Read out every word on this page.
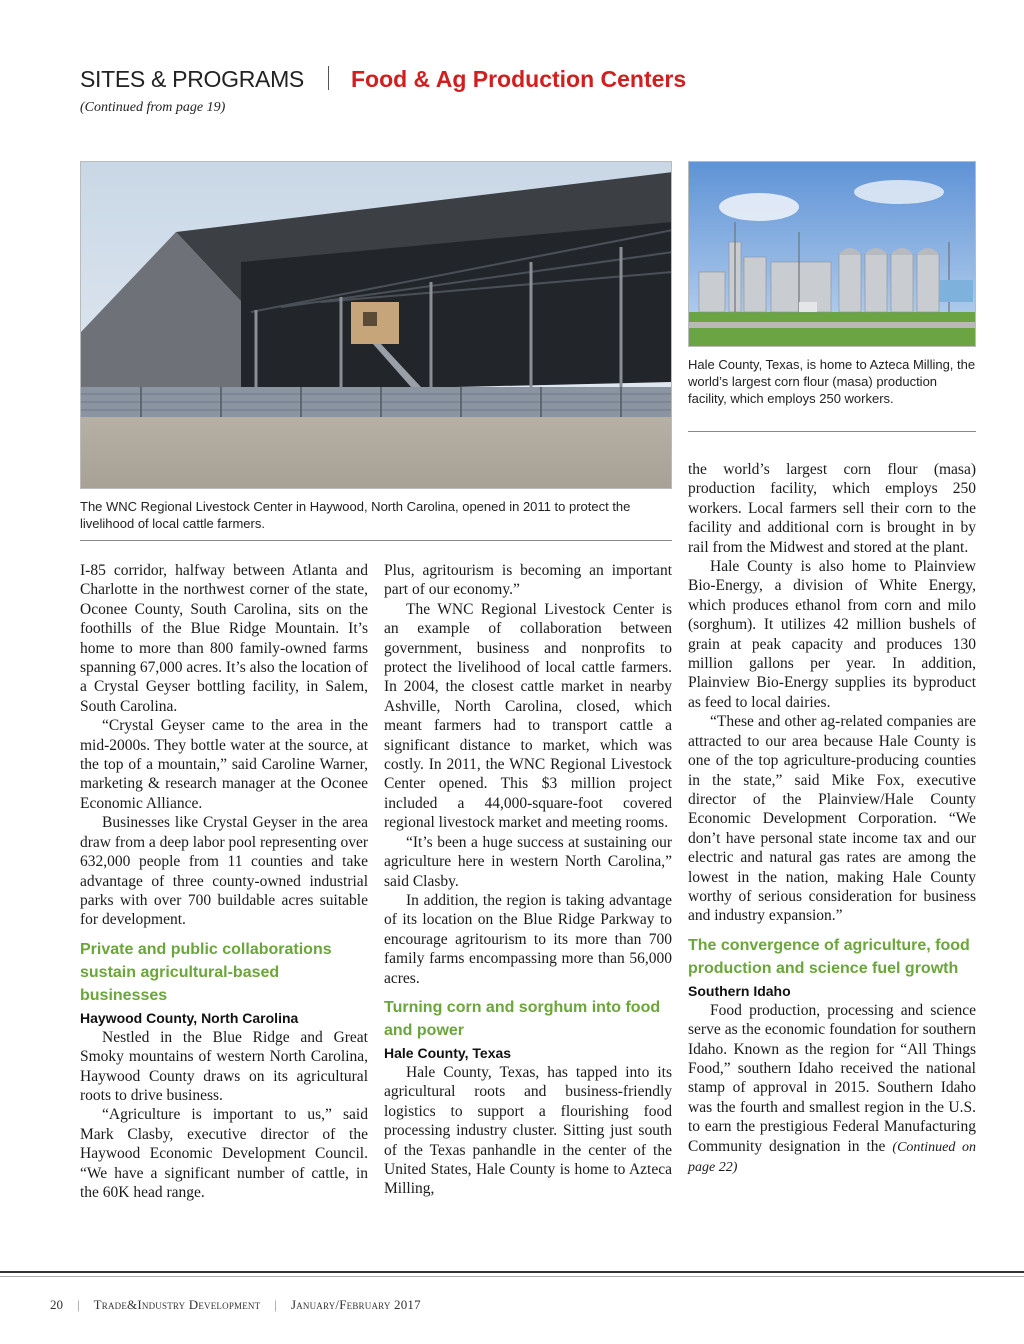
SITES & PROGRAMS Food & Ag Production Centers
(Continued from page 19)
The WNC Regional Livestock Center in Haywood, North Carolina, opened in 2011 to protect the livelihood of local cattle farmers.
Hale County, Texas, is home to Azteca Milling, the world’s largest corn flour (masa) production facility, which employs 250 workers.

I-85 corridor, halfway between Atlanta and Charlotte in the northwest corner of the state, Oconee County, South Carolina, sits on the foothills of the Blue Ridge Mountain. It’s home to more than 800 family-owned farms spanning 67,000 acres. It’s also the location of a Crystal Geyser bottling facility, in Salem, South Carolina.

“Crystal Geyser came to the area in the mid-2000s. They bottle water at the source, at the top of a mountain,” said Caroline Warner, marketing & research manager at the Oconee Economic Alliance.

Businesses like Crystal Geyser in the area draw from a deep labor pool representing over 632,000 people from 11 counties and take advantage of three county-owned industrial parks with over 700 buildable acres suitable for development.

Private and public collaborations sustain agricultural-based businesses
Haywood County, North Carolina

Nestled in the Blue Ridge and Great Smoky mountains of western North Carolina, Haywood County draws on its agricultural roots to drive business.

“Agriculture is important to us,” said Mark Clasby, executive director of the Haywood Economic Development Council. “We have a significant number of cattle, in the 60K head range.

Plus, agritourism is becoming an important part of our economy.”

The WNC Regional Livestock Center is an example of collaboration between government, business and nonprofits to protect the livelihood of local cattle farmers. In 2004, the closest cattle market in nearby Ashville, North Carolina, closed, which meant farmers had to transport cattle a significant distance to market, which was costly. In 2011, the WNC Regional Livestock Center opened. This $3 million project included a 44,000-square-foot covered regional livestock market and meeting rooms.

“It’s been a huge success at sustaining our agriculture here in western North Carolina,” said Clasby.

In addition, the region is taking advantage of its location on the Blue Ridge Parkway to encourage agritourism to its more than 700 family farms encompassing more than 56,000 acres.

Turning corn and sorghum into food and power
Hale County, Texas

Hale County, Texas, has tapped into its agricultural roots and business-friendly logistics to support a flourishing food processing industry cluster. Sitting just south of the Texas panhandle in the center of the United States, Hale County is home to Azteca Milling,

the world’s largest corn flour (masa) production facility, which employs 250 workers. Local farmers sell their corn to the facility and additional corn is brought in by rail from the Midwest and stored at the plant.

Hale County is also home to Plainview Bio-Energy, a division of White Energy, which produces ethanol from corn and milo (sorghum). It utilizes 42 million bushels of grain at peak capacity and produces 130 million gallons per year. In addition, Plainview Bio-Energy supplies its byproduct as feed to local dairies.

“These and other ag-related companies are attracted to our area because Hale County is one of the top agriculture-producing counties in the state,” said Mike Fox, executive director of the Plainview/Hale County Economic Development Corporation. “We don’t have personal state income tax and our electric and natural gas rates are among the lowest in the nation, making Hale County worthy of serious consideration for business and industry expansion.”

The convergence of agriculture, food production and science fuel growth
Southern Idaho

Food production, processing and science serve as the economic foundation for southern Idaho. Known as the region for “All Things Food,” southern Idaho received the national stamp of approval in 2015. Southern Idaho was the fourth and smallest region in the U.S. to earn the prestigious Federal Manufacturing Community designation in the (Continued on page 22)

20 | Trade&Industry Development | January/February 2017
